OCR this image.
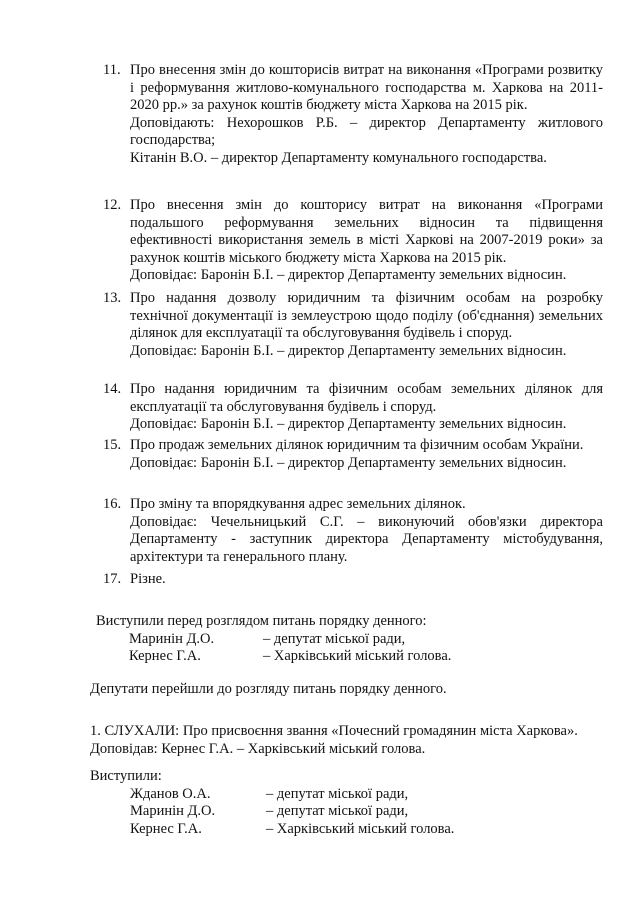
11. Про внесення змін до кошторисів витрат на виконання «Програми розвитку і реформування житлово-комунального господарства м. Харкова на 2011-2020 рр.» за рахунок коштів бюджету міста Харкова на 2015 рік.

Доповідають: Нехорошков Р.Б. – директор Департаменту житлового господарства;

Кітанін В.О. – директор Департаменту комунального господарства.

12. Про внесення змін до кошторису витрат на виконання «Програми подальшого реформування земельних відносин та підвищення ефективності використання земель в місті Харкові на 2007-2019 роки» за рахунок коштів міського бюджету міста Харкова на 2015 рік.

Доповідає: Баронін Б.І. – директор Департаменту земельних відносин.

13. Про надання дозволу юридичним та фізичним особам на розробку технічної документації із землеустрою щодо поділу (об'єднання) земельних ділянок для експлуатації та обслуговування будівель і споруд.

Доповідає: Баронін Б.І. – директор Департаменту земельних відносин.

14. Про надання юридичним та фізичним особам земельних ділянок для експлуатації та обслуговування будівель і споруд.

Доповідає: Баронін Б.І. – директор Департаменту земельних відносин.

15. Про продаж земельних ділянок юридичним та фізичним особам України.

Доповідає: Баронін Б.І. – директор Департаменту земельних відносин.

16. Про зміну та впорядкування адрес земельних ділянок.

Доповідає: Чечельницький С.Г. – виконуючий обов'язки директора Департаменту - заступник директора Департаменту містобудування, архітектури та генерального плану.

17. Різне.

Виступили перед розглядом питань порядку денного:

Маринін Д.О.	– депутат міської ради,
Кернес Г.А.	– Харківський міський голова.

Депутати перейшли до розгляду питань порядку денного.

1. СЛУХАЛИ: Про присвоєння звання «Почесний громадянин міста Харкова».

Доповідав: Кернес Г.А. – Харківський міський голова.

Виступили:

Жданов О.А.	– депутат міської ради,
Маринін Д.О.	– депутат міської ради,
Кернес Г.А.	– Харківський міський голова.
